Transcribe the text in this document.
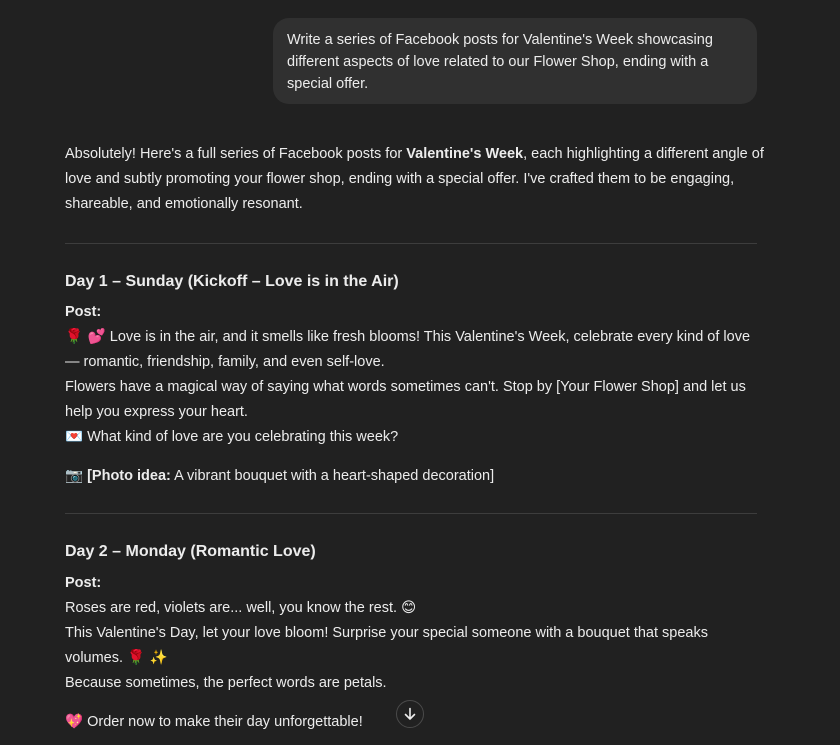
Write a series of Facebook posts for Valentine's Week showcasing different aspects of love related to our Flower Shop, ending with a special offer.

Absolutely! Here's a full series of Facebook posts for Valentine's Week, each highlighting a different angle of love and subtly promoting your flower shop, ending with a special offer. I've crafted them to be engaging, shareable, and emotionally resonant.

Day 1 – Sunday (Kickoff – Love is in the Air)

Post:

🌹 💕 Love is in the air, and it smells like fresh blooms! This Valentine's Week, celebrate every kind of love — romantic, friendship, family, and even self-love.

Flowers have a magical way of saying what words sometimes can't. Stop by [Your Flower Shop] and let us help you express your heart.

💌 What kind of love are you celebrating this week?

📷 [Photo idea: A vibrant bouquet with a heart-shaped decoration]

Day 2 – Monday (Romantic Love)

Post:

Roses are red, violets are... well, you know the rest. 😊

This Valentine's Day, let your love bloom! Surprise your special someone with a bouquet that speaks volumes. 🌹 ✨

Because sometimes, the perfect words are petals.

💖 Order now to make their day unforgettable!
